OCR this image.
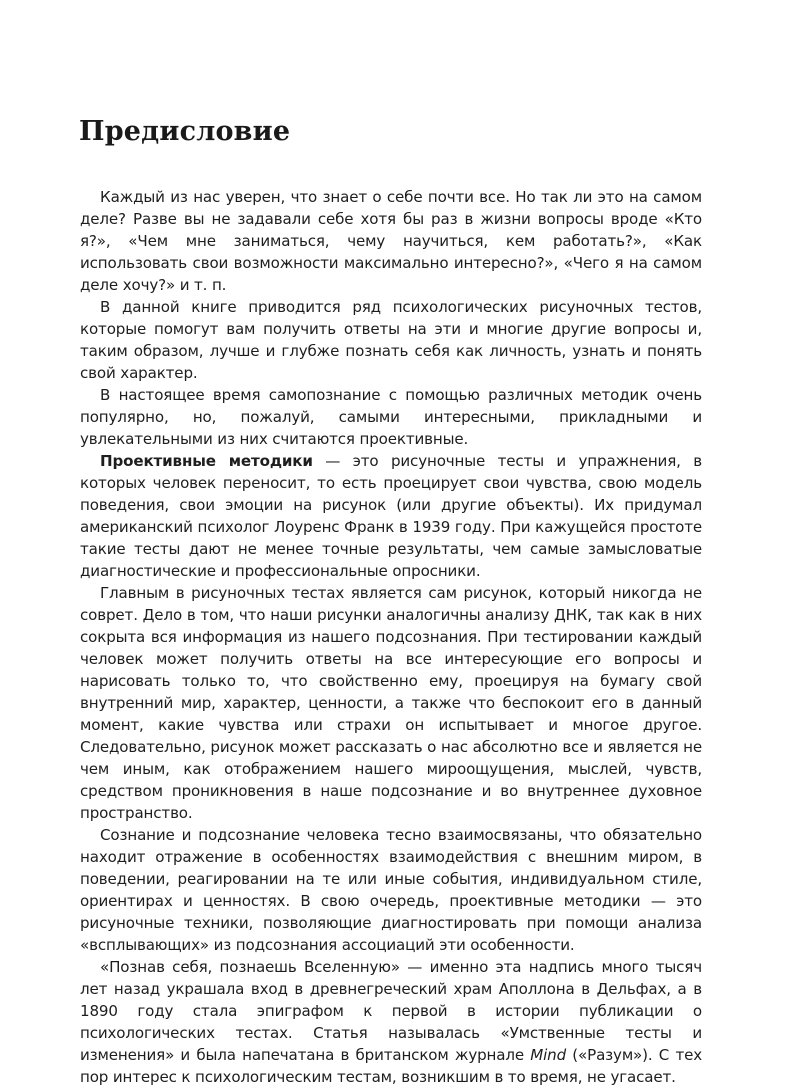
Предисловие

Каждый из нас уверен, что знает о себе почти все. Но так ли это на самом деле? Разве вы не задавали себе хотя бы раз в жизни вопросы вроде «Кто я?», «Чем мне заниматься, чему научиться, кем работать?», «Как использовать свои возможности максимально интересно?», «Чего я на самом деле хочу?» и т. п.

В данной книге приводится ряд психологических рисуночных тестов, которые помогут вам получить ответы на эти и многие другие вопросы и, таким образом, лучше и глубже познать себя как личность, узнать и понять свой характер.

В настоящее время самопознание с помощью различных методик очень популярно, но, пожалуй, самыми интересными, прикладными и увлекательными из них считаются проективные.

Проективные методики — это рисуночные тесты и упражнения, в которых человек переносит, то есть проецирует свои чувства, свою модель поведения, свои эмоции на рисунок (или другие объекты). Их придумал американский психолог Лоуренс Франк в 1939 году. При кажущейся простоте такие тесты дают не менее точные результаты, чем самые замысловатые диагностические и профессиональные опросники.

Главным в рисуночных тестах является сам рисунок, который никогда не соврет. Дело в том, что наши рисунки аналогичны анализу ДНК, так как в них сокрыта вся информация из нашего подсознания. При тестировании каждый человек может получить ответы на все интересующие его вопросы и нарисовать только то, что свойственно ему, проецируя на бумагу свой внутренний мир, характер, ценности, а также что беспокоит его в данный момент, какие чувства или страхи он испытывает и многое другое. Следовательно, рисунок может рассказать о нас абсолютно все и является не чем иным, как отображением нашего мироощущения, мыслей, чувств, средством проникновения в наше подсознание и во внутреннее духовное пространство.

Сознание и подсознание человека тесно взаимосвязаны, что обязательно находит отражение в особенностях взаимодействия с внешним миром, в поведении, реагировании на те или иные события, индивидуальном стиле, ориентирах и ценностях. В свою очередь, проективные методики — это рисуночные техники, позволяющие диагностировать при помощи анализа «всплывающих» из подсознания ассоциаций эти особенности.

«Познав себя, познаешь Вселенную» — именно эта надпись много тысяч лет назад украшала вход в древнегреческий храм Аполлона в Дельфах, а в 1890 году стала эпиграфом к первой в истории публикации о психологических тестах. Статья называлась «Умственные тесты и изменения» и была напечатана в британском журнале Mind («Разум»). С тех пор интерес к психологическим тестам, возникшим в то время, не угасает.
